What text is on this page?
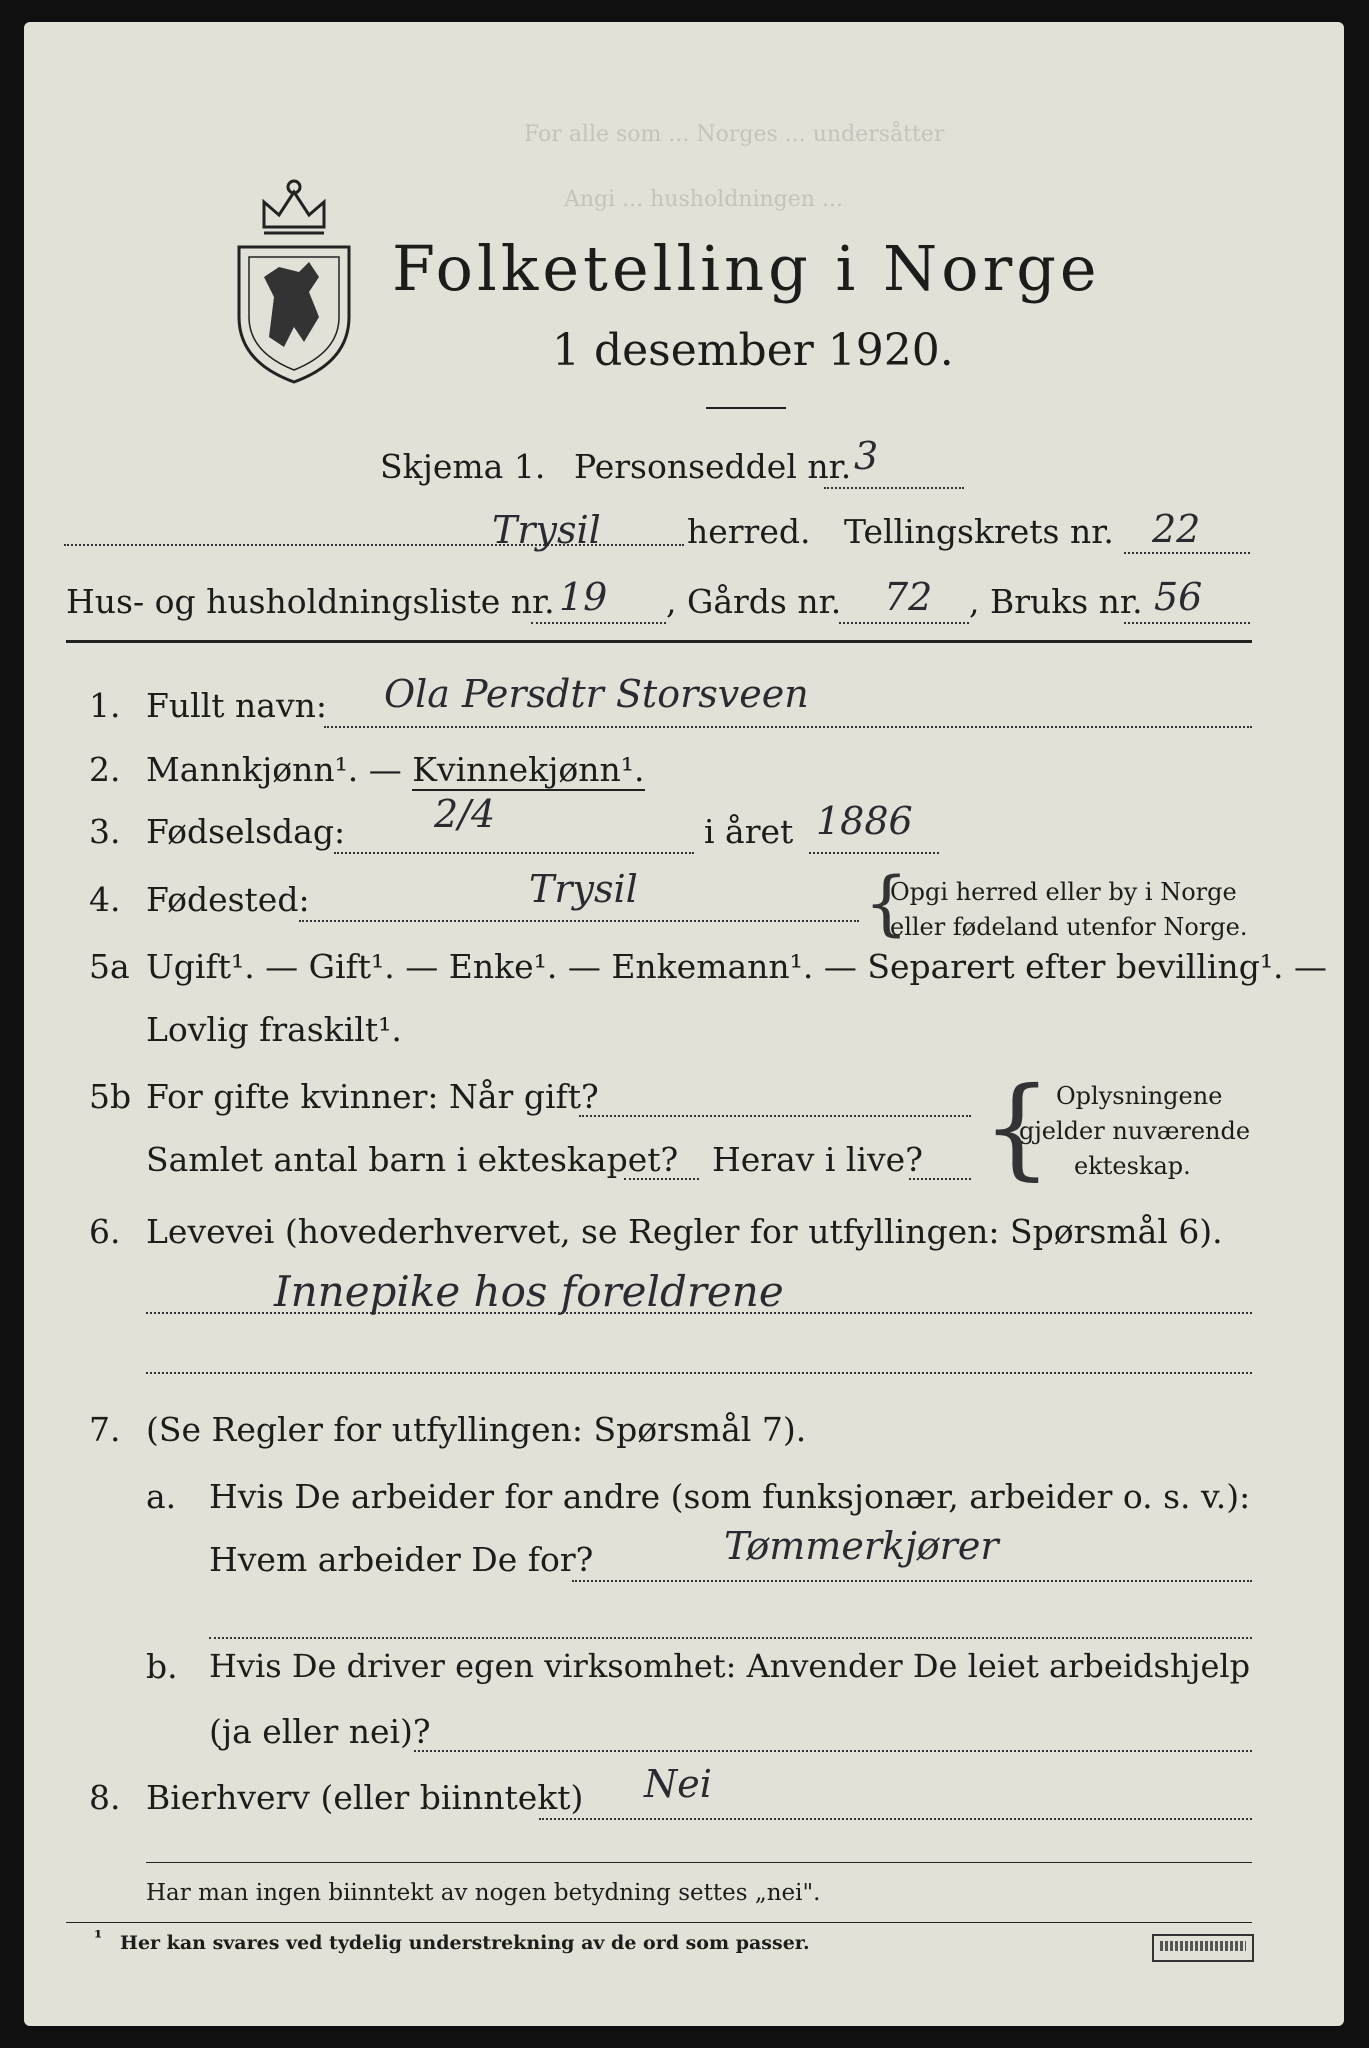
For alle som ... Norges ... undersåtter
Angi ... husholdningen ...
Folketelling i Norge
1 desember 1920.
Skjema 1. Personseddel nr. 3
Trysil	herred. Tellingskrets nr. 22
Hus- og husholdningsliste nr. 19 , Gårds nr. 72 , Bruks nr. 56
1. Fullt navn: Ola Persdtr Storsveen
2. Mannkjønn¹. — Kvinnekjønn¹.
3. Fødselsdag: 2/4	i året 1886
4. Fødested:	Trysil	{
Opgi herred eller by i Norge
eller fødeland utenfor Norge.
5a Ugift¹. — Gift¹. — Enke¹. — Enkemann¹. — Separert efter bevilling¹. —
Lovlig fraskilt¹.
5b For gifte kvinner: Når gift?
Samlet antal barn i ekteskapet? Herav i live? { Oplysningene
gjelder nuværende
ekteskap.
6. Levevei (hovederhvervet, se Regler for utfyllingen: Spørsmål 6).
Innepike hos foreldrene
7. (Se Regler for utfyllingen: Spørsmål 7).
a. Hvis De arbeider for andre (som funksjonær, arbeider o. s. v.):
Hvem arbeider De for?	Tømmerkjører
b. Hvis De driver egen virksomhet: Anvender De leiet arbeidshjelp
(ja eller nei)?
8. Bierhverv (eller biinntekt) Nei
Har man ingen biinntekt av nogen betydning settes „nei".
¹ Her kan svares ved tydelig understrekning av de ord som passer.
